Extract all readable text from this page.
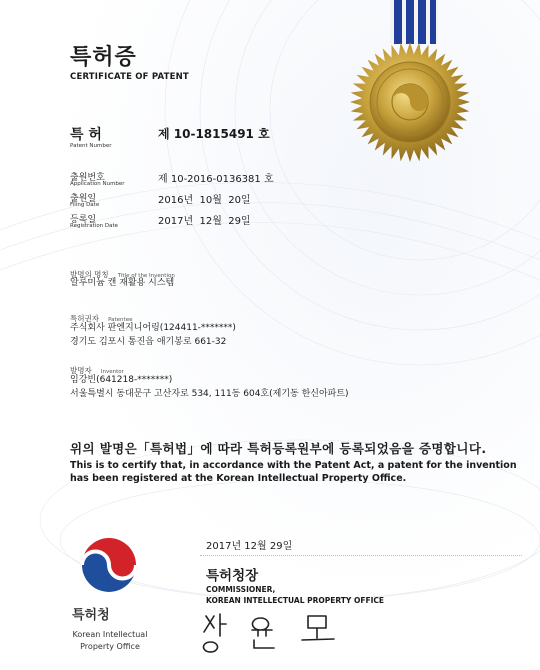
특허증
CERTIFICATE OF PATENT
특 허
Patent Number
제 10-1815491 호
출원번호
Application Number	제 10-2016-0136381 호
출원일
Filing Date	2016년  10월  20일
등록일
Registration Date	2017년  12월  29일
발명의 명칭 Title of the Invention
알루미늄 캔 재활용 시스템
특허권자 Patentee
주식회사 판엔지니어링(124411-*******)
경기도 김포시 통진읍 애기봉로 661-32
발명자 Inventor
임강빈(641218-*******)
서울특별시 동대문구 고산자로 534, 111동 604호(제기동 한신아파트)
위의 발명은「특허법」에 따라 특허등록원부에 등록되었음을 증명합니다.
This is to certify that, in accordance with the Patent Act, a patent for the invention
has been registered at the Korean Intellectual Property Office.
2017년 12월 29일
특허청장
COMMISSIONER,
KOREAN INTELLECTUAL PROPERTY OFFICE
특허청
Korean Intellectual
Property Office
